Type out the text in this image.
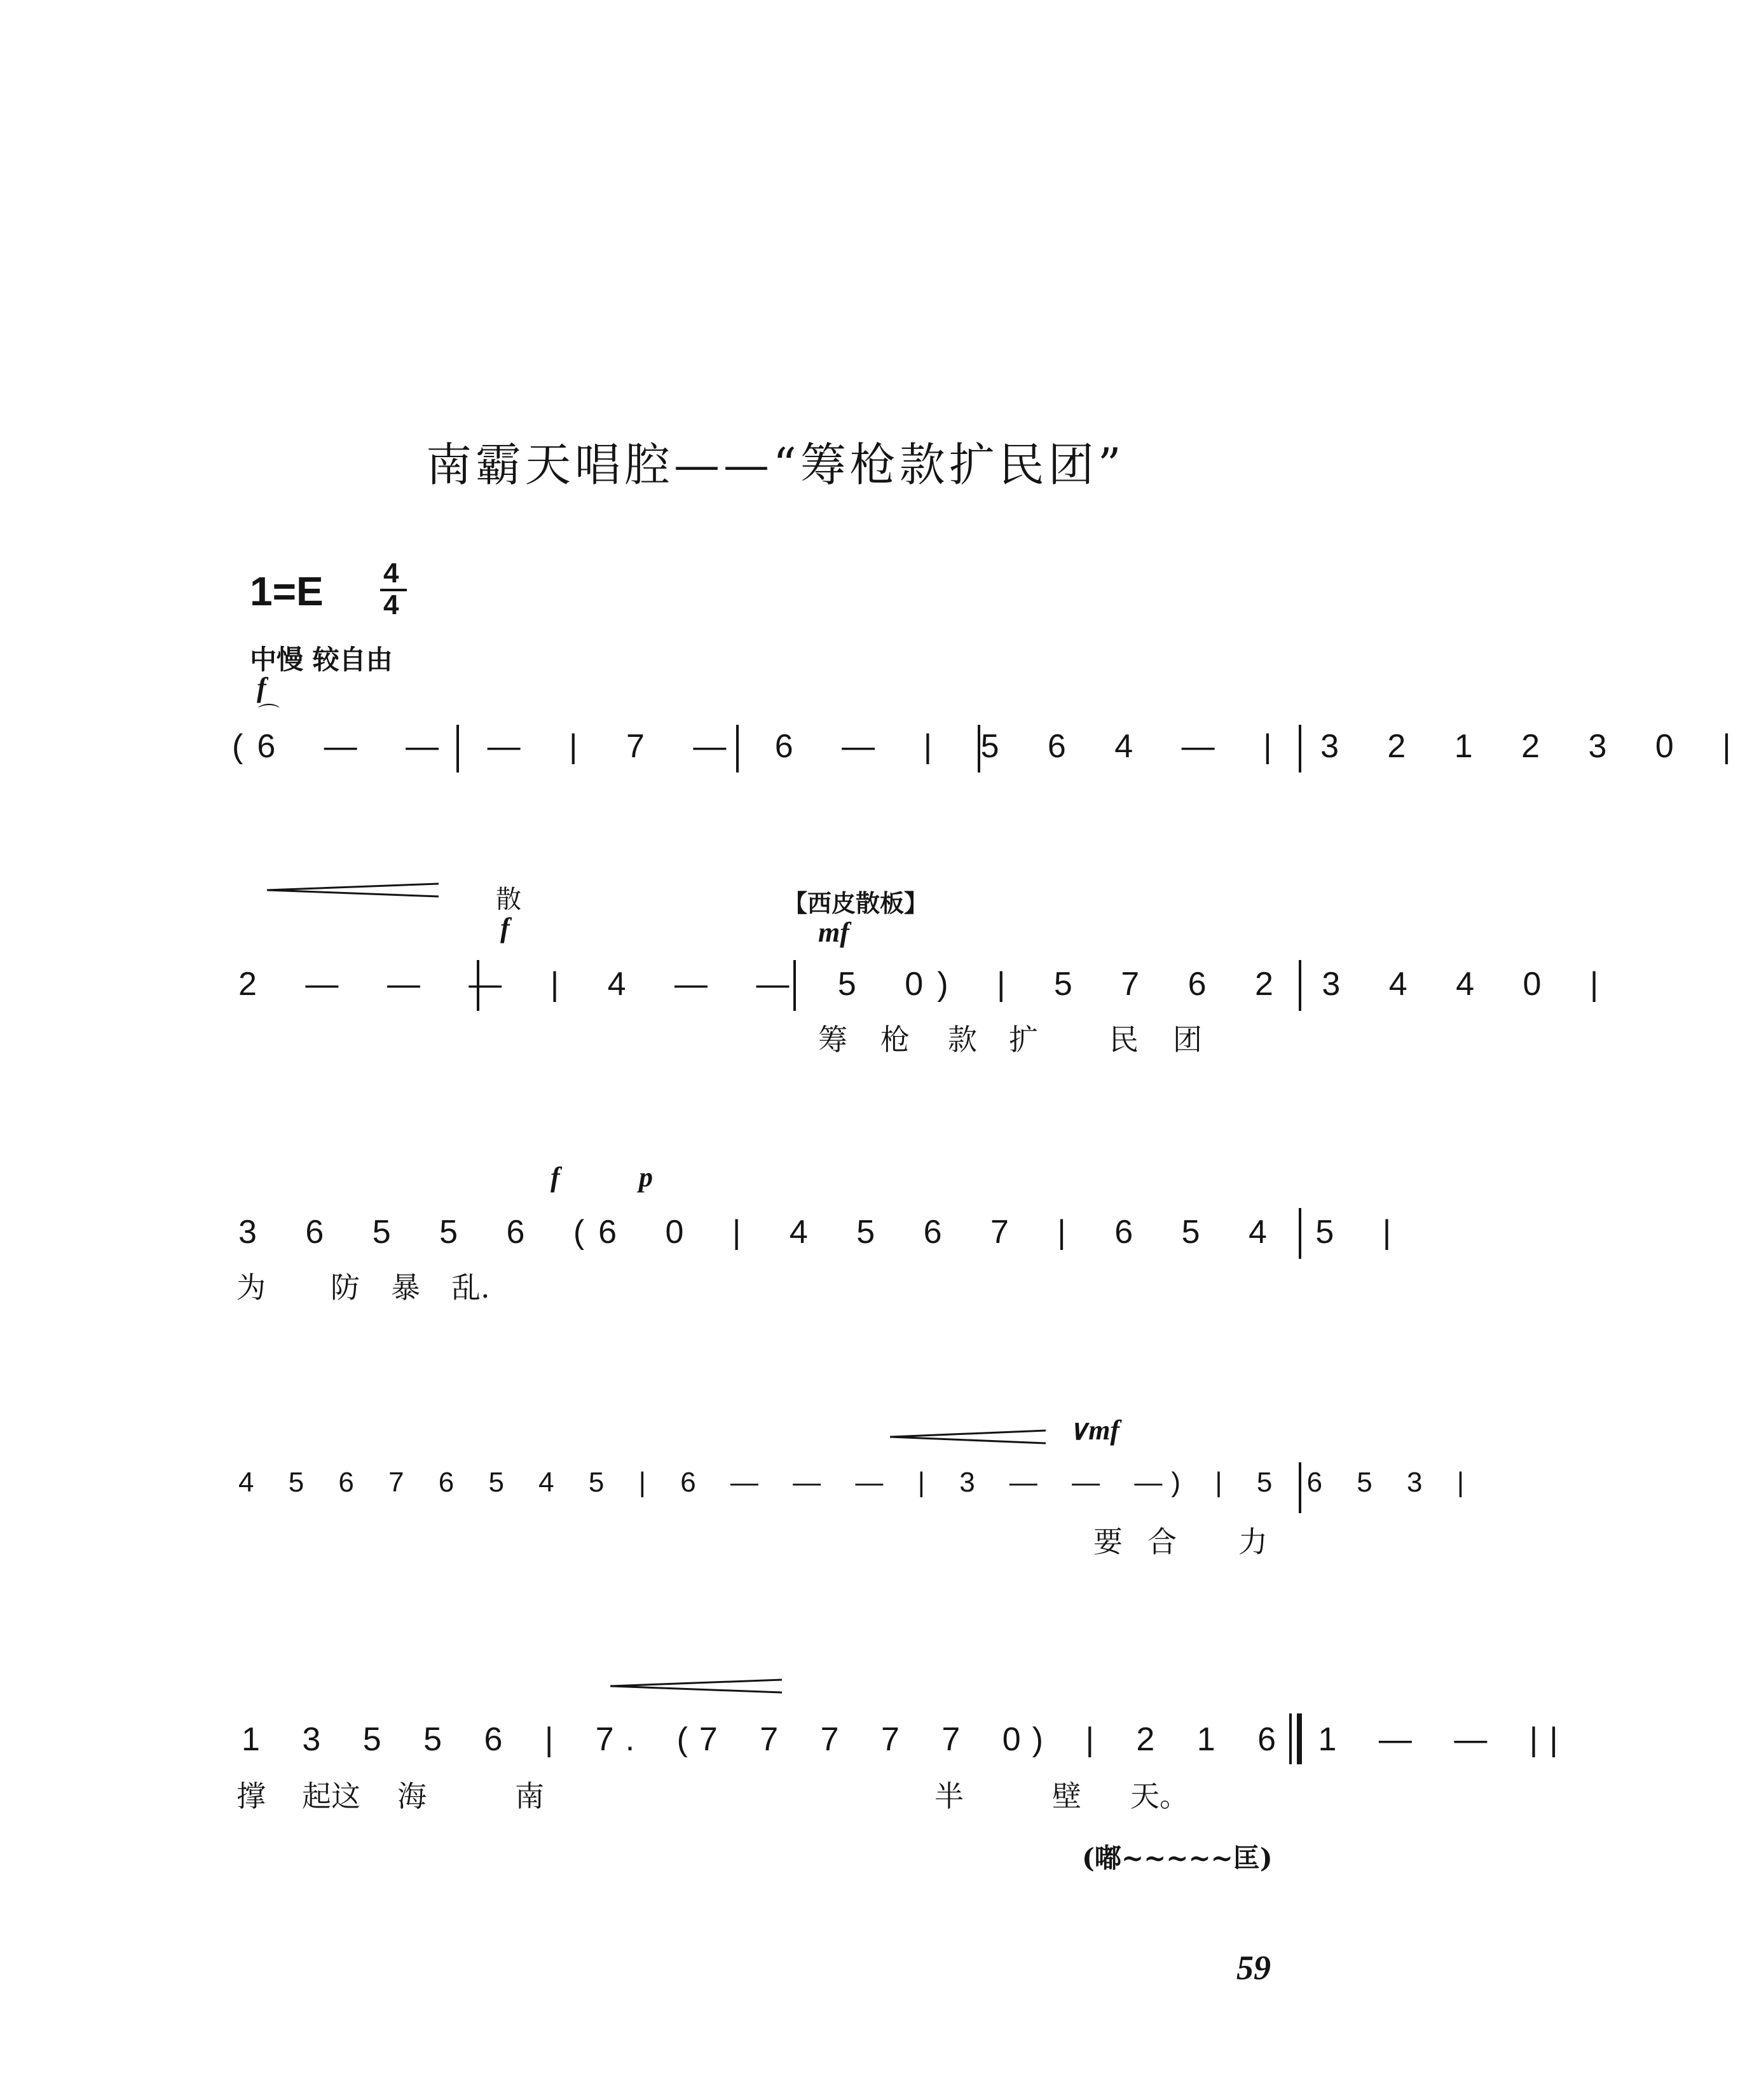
南霸天唱腔——“筹枪款扩民团”
1=E 4
4
中慢 较自由
f
(6 — — — | 7 — 6 — | 5 6 4 — | 3 2 1 2 3 0 |
⌒
散
f
【西皮散板】
mf
2 — — — | 4 — — 5 0) | 5 7 6 2 3 4 4 0 |
筹 枪 款 扩 民 团
f	p
3 6 5 5 6 (6 0 | 4 5 6 7 | 6 5 4 5 |
为 防 暴 乱.
∨mf
4 5 6 7 6 5 4 5 | 6 — — — | 3 — — —) | 5 6 5 3 |
要 合 力
1 3 5 5 6 | 7. (7 7 7 7 7 0) | 2 1 6 1 — — ||
撑 起这 海	南	半	壁 天。
(嘟~~~~~匡)
59
